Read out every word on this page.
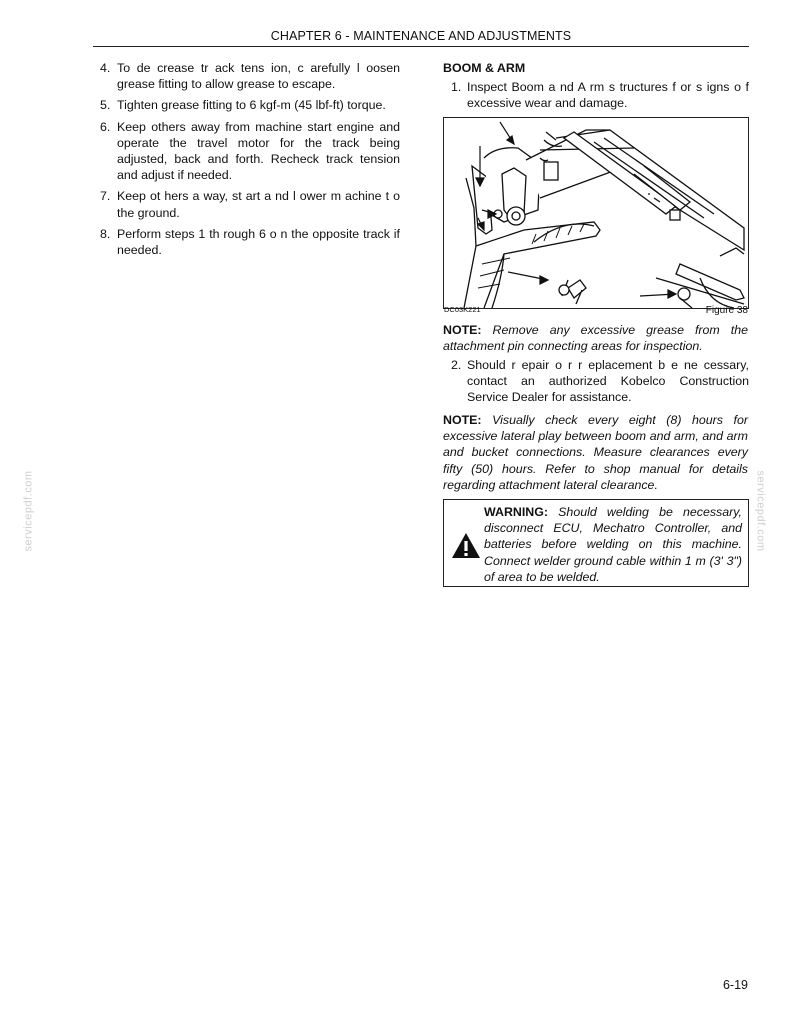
CHAPTER 6 - MAINTENANCE AND ADJUSTMENTS
4. To de crease tr ack tens ion, c arefully l oosen grease fitting to allow grease to escape.
5. Tighten grease fitting to 6 kgf-m (45 lbf-ft) torque.
6. Keep others away from machine start engine and operate the travel motor for the track being adjusted, back and forth. Recheck track tension and adjust if needed.
7. Keep ot hers a way, st art a nd l ower m achine t o the ground.
8. Perform steps 1 th rough 6 o n the opposite track if needed.
BOOM & ARM
1. Inspect Boom a nd A rm s tructures f or s igns o f excessive wear and damage.
DC03K221	Figure 38
NOTE: Remove any excessive grease from the attachment pin connecting areas for inspection.
2. Should r epair o r r eplacement b e ne cessary, contact an authorized Kobelco Construction Service Dealer for assistance.
NOTE: Visually check every eight (8) hours for excessive lateral play between boom and arm, and arm and bucket connections. Measure clearances every fifty (50) hours. Refer to shop manual for details regarding attachment lateral clearance.
WARNING: Should welding be necessary, disconnect ECU, Mechatro Controller, and batteries before welding on this machine. Connect welder ground cable within 1 m (3' 3") of area to be welded.
servicepdf.com	servicepdf.com
6-19
